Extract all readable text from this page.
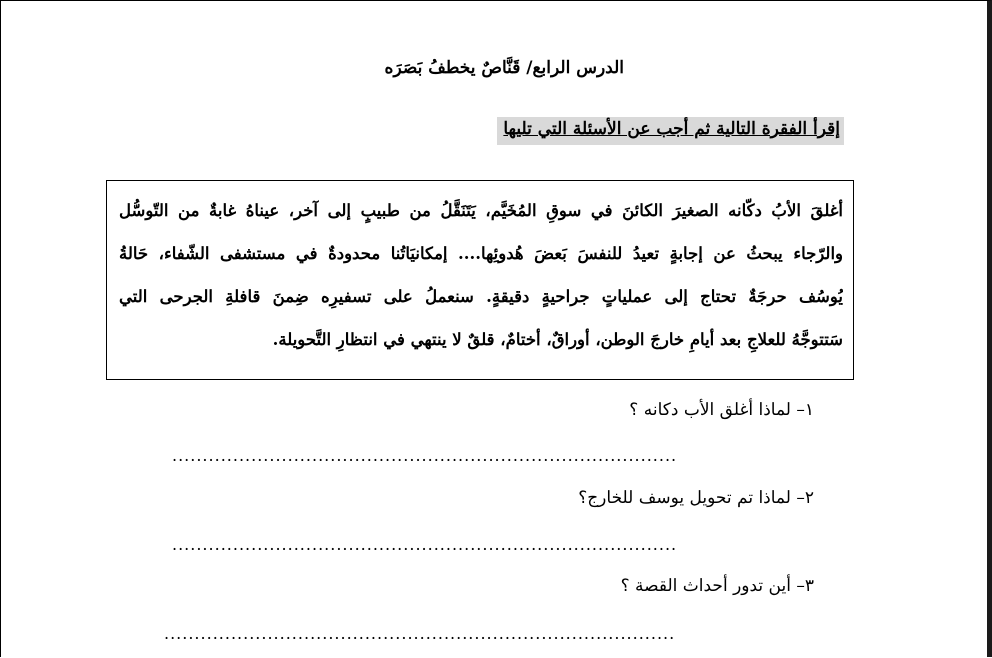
الدرس الرابع/ قَنَّاصٌ يخطفُ بَصَرَه
إقرأ الفقرة التالية ثم أجب عن الأسئلة التي تليها
أغلقَ الأبُ دكّانه الصغيرَ الكائنَ في سوقِ المُخَيَّم، يَتَنَقَّلُ من طبيبٍ إلى آخر، عيناهُ غابةٌ من التّوسُّل
والرّجاء يبحثُ عن إجابةٍ تعيدُ للنفسَ بَعضَ هُدوئِها.... إمكانيَاتُنا محدودةٌ في مستشفى الشّفاء، حَالةُ
يُوسُف حرجَةٌ تحتاج إلى عملياتٍ جراحيةٍ دقيقةٍ. سنعملُ على تسفيرِه ضِمنَ قافلةِ الجرحى التي
سَتتوجَّهُ للعلاجِ بعد أيامِ خارجَ الوطن، أوراقٌ، أختامٌ، قلقٌ لا ينتهي في انتظارِ التَّحويلة.
١– لماذا أغلق الأب دكانه ؟
...................................................................................
٢– لماذا تم تحويل يوسف للخارج؟
...................................................................................
٣– أين تدور أحداث القصة ؟
....................................................................................
